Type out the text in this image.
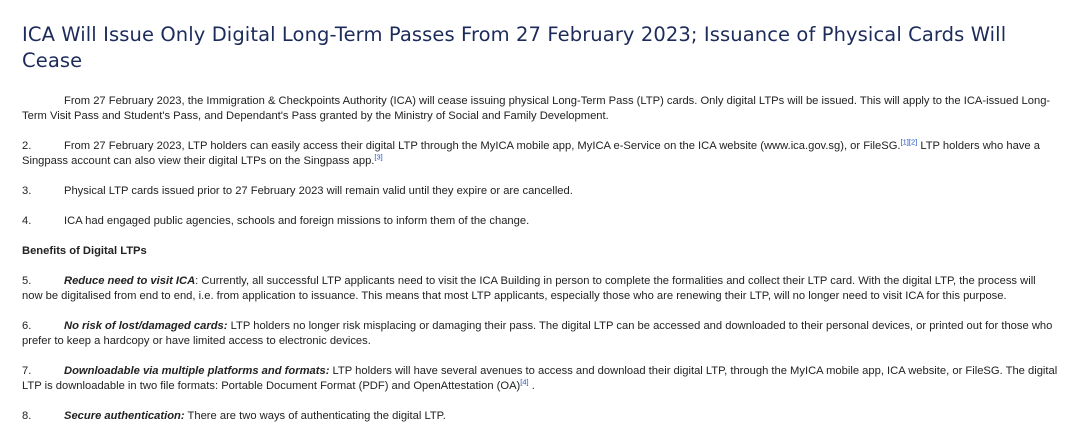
ICA Will Issue Only Digital Long-Term Passes From 27 February 2023; Issuance of Physical Cards Will Cease

From 27 February 2023, the Immigration & Checkpoints Authority (ICA) will cease issuing physical Long-Term Pass (LTP) cards. Only digital LTPs will be issued. This will apply to the ICA-issued Long-Term Visit Pass and Student's Pass, and Dependant's Pass granted by the Ministry of Social and Family Development.

2.	From 27 February 2023, LTP holders can easily access their digital LTP through the MyICA mobile app, MyICA e-Service on the ICA website (www.ica.gov.sg), or FileSG.[1][2] LTP holders who have a Singpass account can also view their digital LTPs on the Singpass app.[3]

3.	Physical LTP cards issued prior to 27 February 2023 will remain valid until they expire or are cancelled.

4.	ICA had engaged public agencies, schools and foreign missions to inform them of the change.

Benefits of Digital LTPs

5.	Reduce need to visit ICA: Currently, all successful LTP applicants need to visit the ICA Building in person to complete the formalities and collect their LTP card. With the digital LTP, the process will now be digitalised from end to end, i.e. from application to issuance. This means that most LTP applicants, especially those who are renewing their LTP, will no longer need to visit ICA for this purpose.

6.	No risk of lost/damaged cards: LTP holders no longer risk misplacing or damaging their pass. The digital LTP can be accessed and downloaded to their personal devices, or printed out for those who prefer to keep a hardcopy or have limited access to electronic devices.

7.	Downloadable via multiple platforms and formats: LTP holders will have several avenues to access and download their digital LTP, through the MyICA mobile app, ICA website, or FileSG. The digital LTP is downloadable in two file formats: Portable Document Format (PDF) and OpenAttestation (OA)[4] .

8.	Secure authentication: There are two ways of authenticating the digital LTP.
